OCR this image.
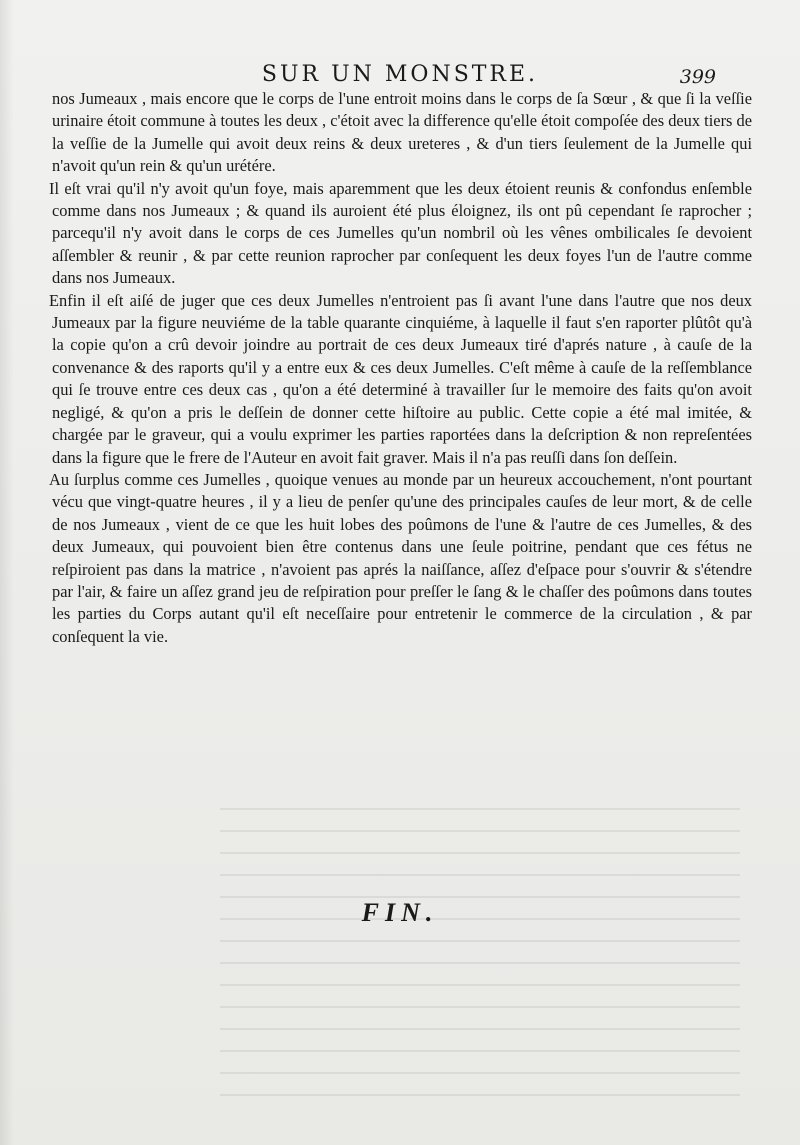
SUR UN MONSTRE.	399

nos Jumeaux , mais encore que le corps de l'une entroit moins dans le corps de ſa Sœur , & que ſi la veſſie urinaire étoit commune à toutes les deux , c'étoit avec la difference qu'elle étoit compoſée des deux tiers de la veſſie de la Jumelle qui avoit deux reins & deux ureteres , & d'un tiers ſeulement de la Jumelle qui n'avoit qu'un rein & qu'un urétére.

Il eſt vrai qu'il n'y avoit qu'un foye, mais aparemment que les deux étoient reunis & confondus enſemble comme dans nos Jumeaux ; & quand ils auroient été plus éloignez, ils ont pû cependant ſe raprocher ; parcequ'il n'y avoit dans le corps de ces Jumelles qu'un nombril où les vênes ombilicales ſe devoient aſſembler & reunir , & par cette reunion raprocher par conſequent les deux foyes l'un de l'autre comme dans nos Jumeaux.

Enfin il eſt aiſé de juger que ces deux Jumelles n'entroient pas ſi avant l'une dans l'autre que nos deux Jumeaux par la figure neuviéme de la table quarante cinquiéme, à laquelle il faut s'en raporter plûtôt qu'à la copie qu'on a crû devoir joindre au portrait de ces deux Jumeaux tiré d'aprés nature , à cauſe de la convenance & des raports qu'il y a entre eux & ces deux Jumelles. C'eſt même à cauſe de la reſſemblance qui ſe trouve entre ces deux cas , qu'on a été determiné à travailler ſur le memoire des faits qu'on avoit negligé, & qu'on a pris le deſſein de donner cette hiſtoire au public. Cette copie a été mal imitée, & chargée par le graveur, qui a voulu exprimer les parties raportées dans la deſcription & non repreſentées dans la figure que le frere de l'Auteur en avoit fait graver. Mais il n'a pas reuſſi dans ſon deſſein.

Au ſurplus comme ces Jumelles , quoique venues au monde par un heureux accouchement, n'ont pourtant vécu que vingt-quatre heures , il y a lieu de penſer qu'une des principales cauſes de leur mort, & de celle de nos Jumeaux , vient de ce que les huit lobes des poûmons de l'une & l'autre de ces Jumelles, & des deux Jumeaux, qui pouvoient bien être contenus dans une ſeule poitrine, pendant que ces fétus ne reſpiroient pas dans la matrice , n'avoient pas aprés la naiſſance, aſſez d'eſpace pour s'ouvrir & s'étendre par l'air, & faire un aſſez grand jeu de reſpiration pour preſſer le ſang & le chaſſer des poûmons dans toutes les parties du Corps autant qu'il eſt neceſſaire pour entretenir le commerce de la circulation , & par conſequent la vie.

FIN.
